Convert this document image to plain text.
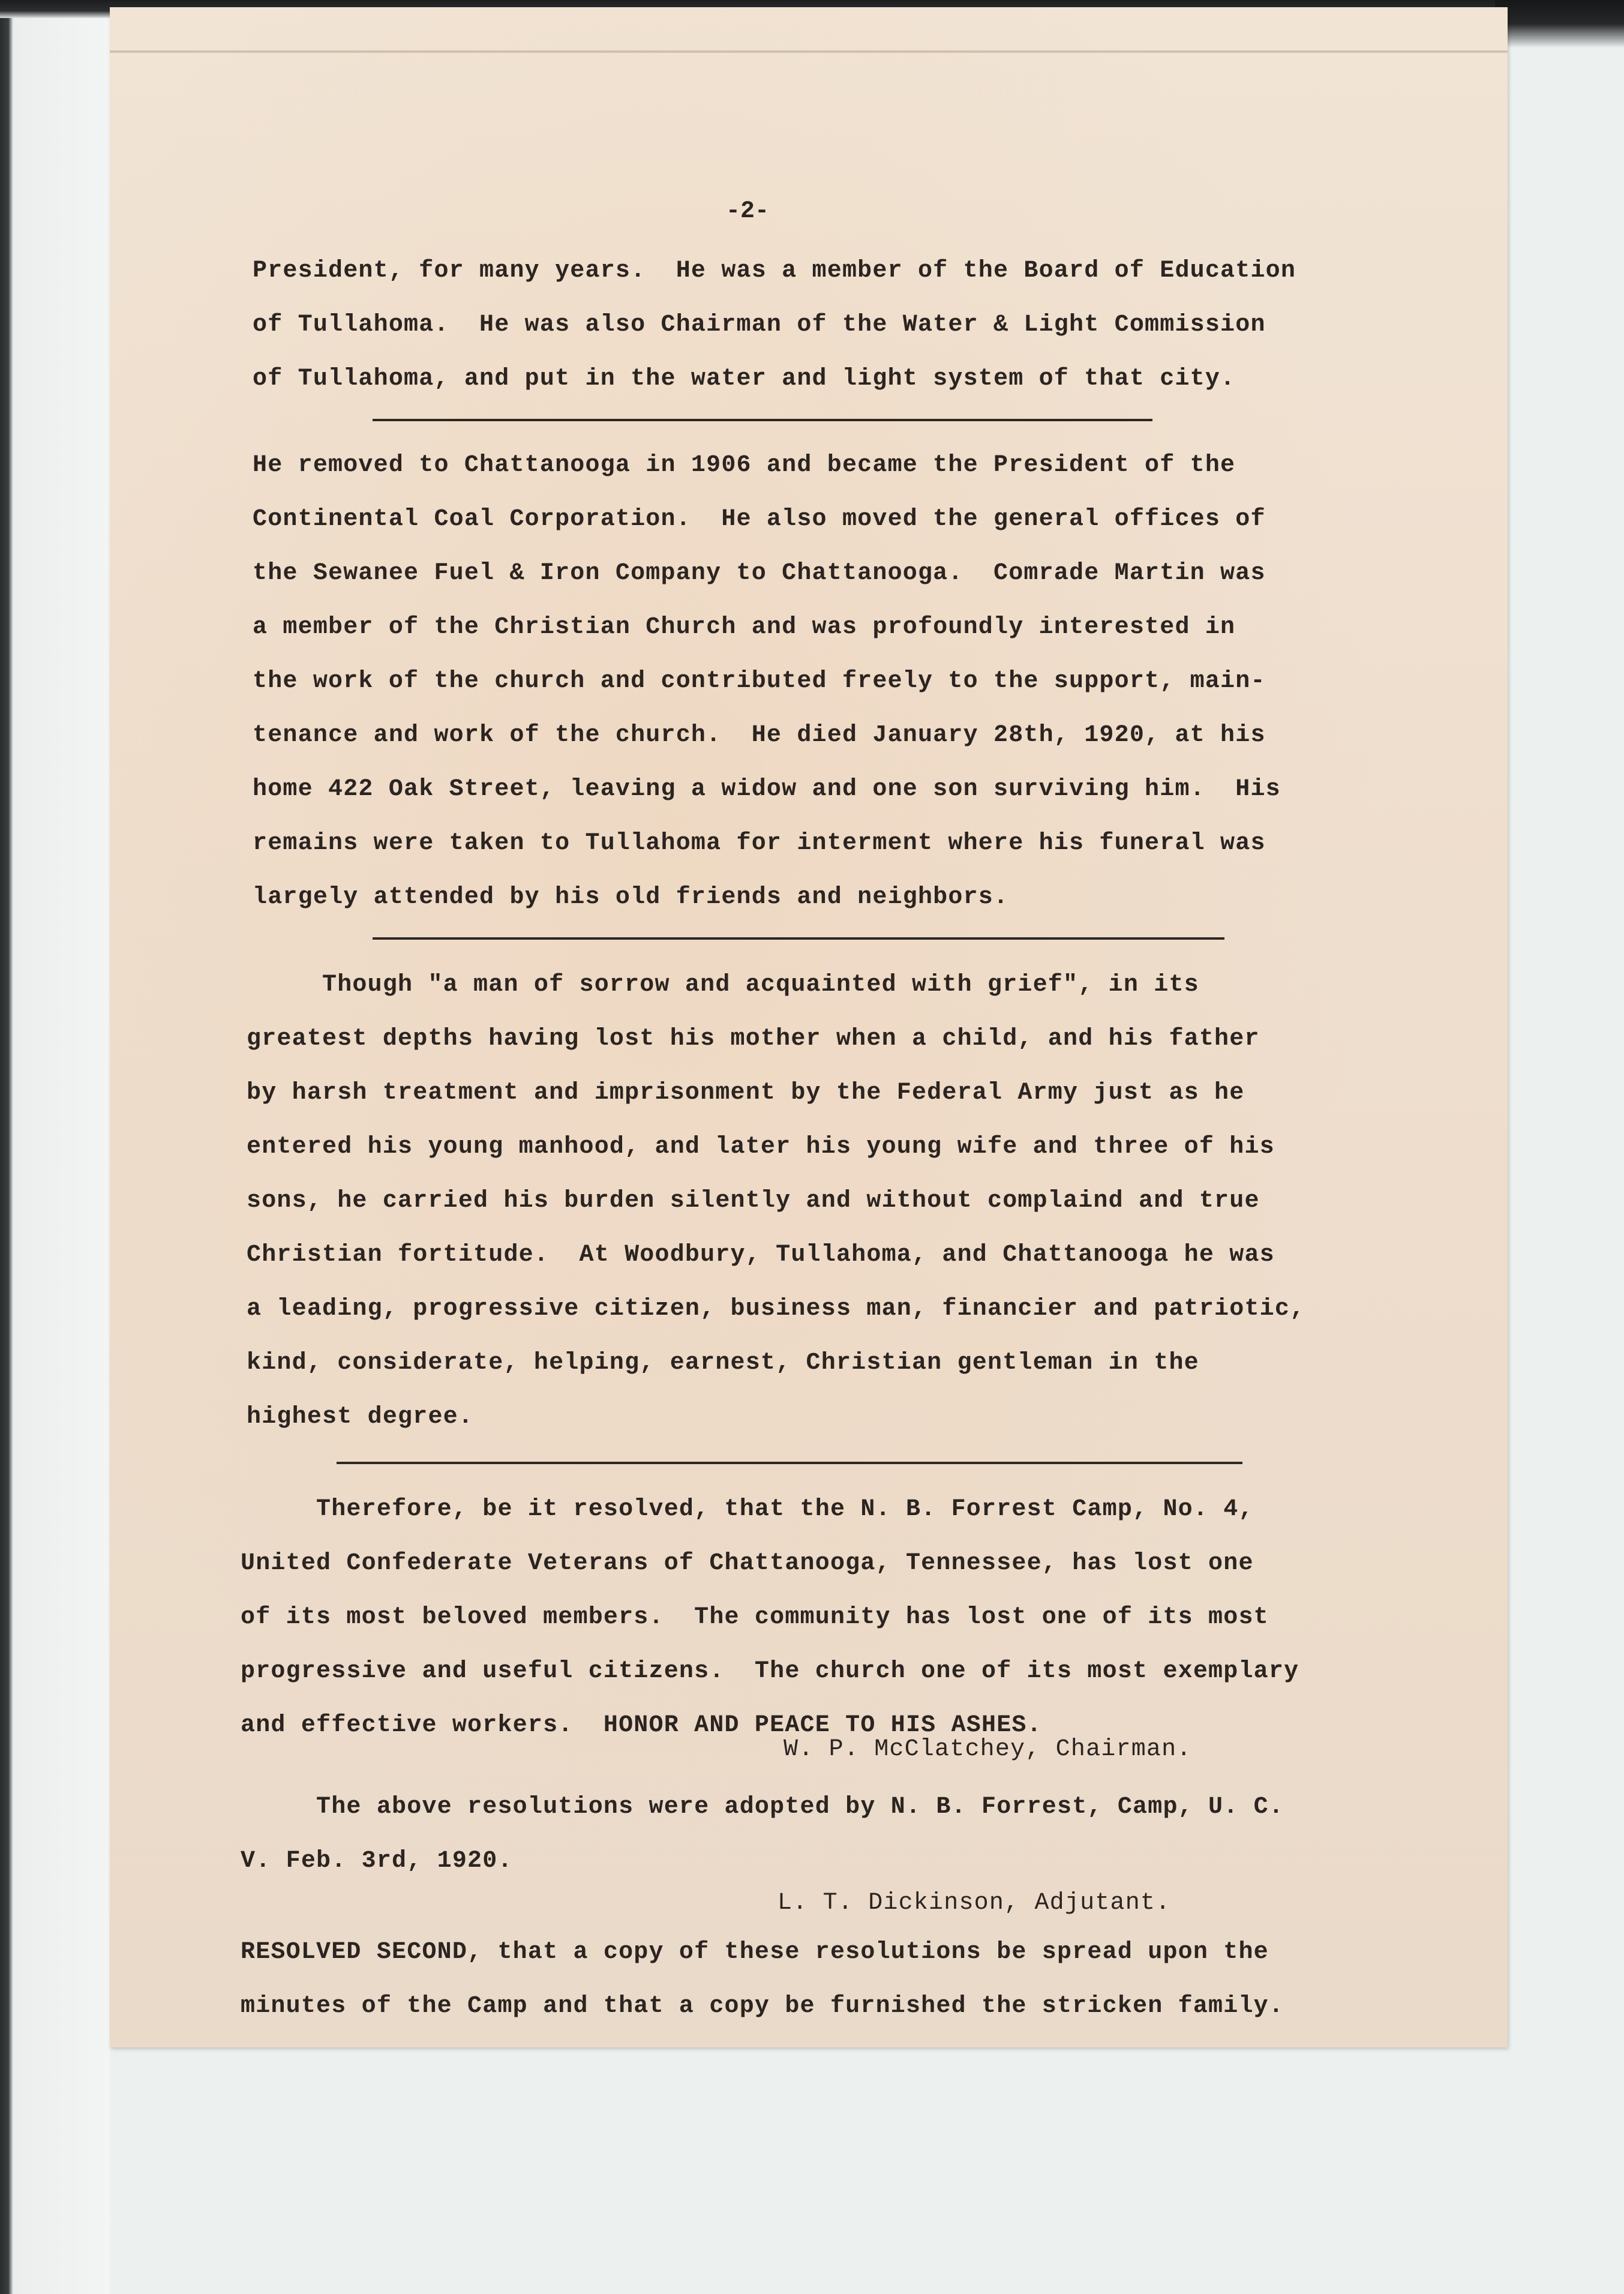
-2-
President, for many years.  He was a member of the Board of Education
of Tullahoma.  He was also Chairman of the Water & Light Commission
of Tullahoma, and put in the water and light system of that city.
He removed to Chattanooga in 1906 and became the President of the
Continental Coal Corporation.  He also moved the general offices of
the Sewanee Fuel & Iron Company to Chattanooga.  Comrade Martin was
a member of the Christian Church and was profoundly interested in
the work of the church and contributed freely to the support, main-
tenance and work of the church.  He died January 28th, 1920, at his
home 422 Oak Street, leaving a widow and one son surviving him.  His
remains were taken to Tullahoma for interment where his funeral was
largely attended by his old friends and neighbors.
Though "a man of sorrow and acquainted with grief", in its
greatest depths having lost his mother when a child, and his father
by harsh treatment and imprisonment by the Federal Army just as he
entered his young manhood, and later his young wife and three of his
sons, he carried his burden silently and without complaind and true
Christian fortitude.  At Woodbury, Tullahoma, and Chattanooga he was
a leading, progressive citizen, business man, financier and patriotic,
kind, considerate, helping, earnest, Christian gentleman in the
highest degree.
Therefore, be it resolved, that the N. B. Forrest Camp, No. 4,
United Confederate Veterans of Chattanooga, Tennessee, has lost one
of its most beloved members.  The community has lost one of its most
progressive and useful citizens.  The church one of its most exemplary
and effective workers.  HONOR AND PEACE TO HIS ASHES.
W. P. McClatchey, Chairman.
The above resolutions were adopted by N. B. Forrest, Camp, U. C.
V. Feb. 3rd, 1920.
L. T. Dickinson, Adjutant.
RESOLVED SECOND, that a copy of these resolutions be spread upon the
minutes of the Camp and that a copy be furnished the stricken family.
